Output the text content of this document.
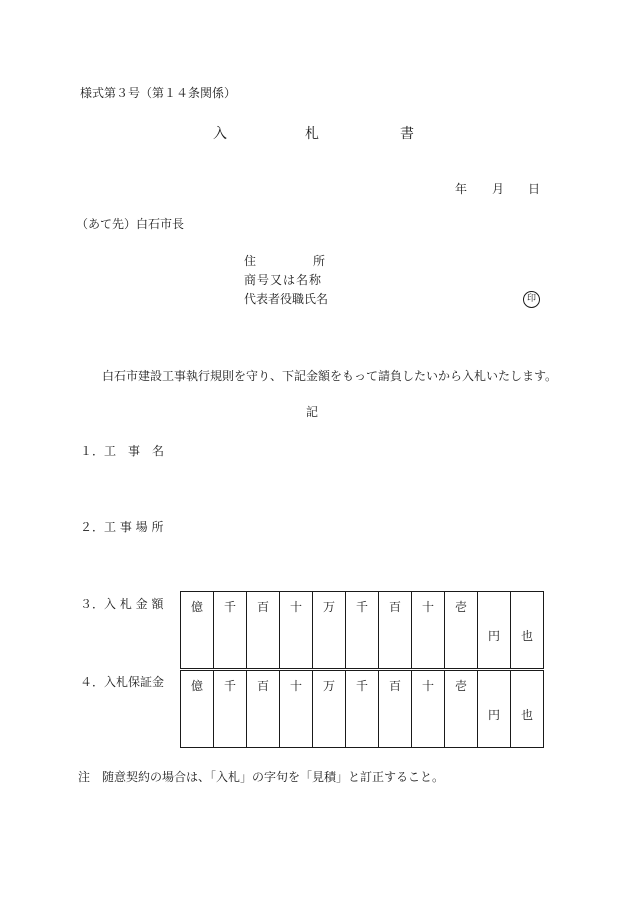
様式第３号（第１４条関係）
入	札	書
年 月 日
（あて先）白石市長
住	所
商号又は名称
代表者役職氏名	印
白石市建設工事執行規則を守り、下記金額をもって請負したいから入札いたします。
記
１．工　事　名
２．工 事 場 所
３．入 札 金 額
４．入札保証金
億	千	百	十	万	千	百	十	壱	円	也
億	千	百	十	万	千	百	十	壱	円	也
注　随意契約の場合は、「入札」の字句を「見積」と訂正すること。
